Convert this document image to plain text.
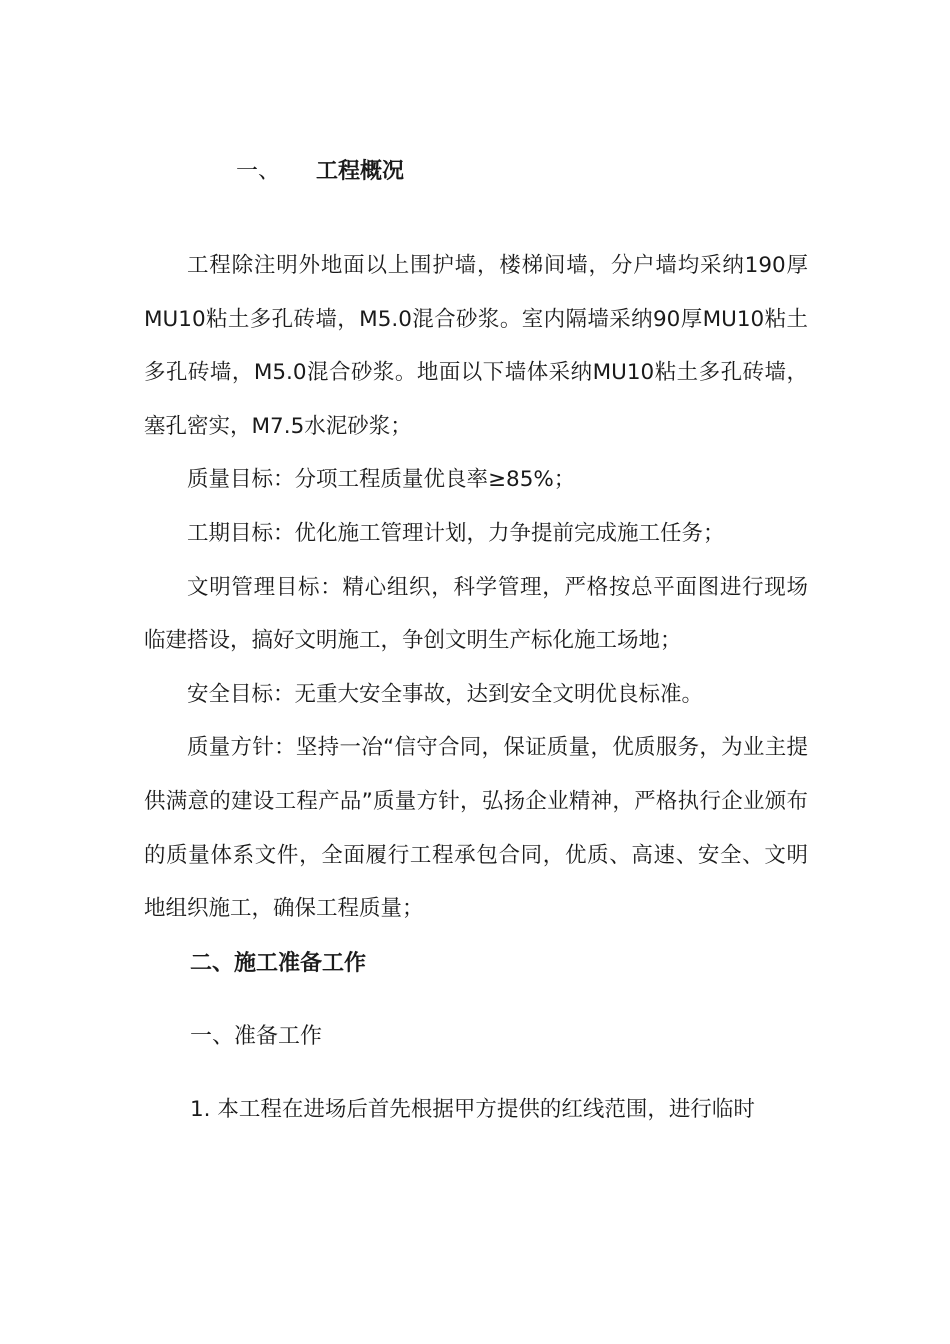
一、 工程概况

工程除注明外地面以上围护墙，楼梯间墙，分户墙均采纳190厚MU10粘土多孔砖墙，M5.0混合砂浆。室内隔墙采纳90厚MU10粘土多孔砖墙，M5.0混合砂浆。地面以下墙体采纳MU10粘土多孔砖墙，塞孔密实，M7.5水泥砂浆；

质量目标：分项工程质量优良率≥85%；

工期目标：优化施工管理计划，力争提前完成施工任务；

文明管理目标：精心组织，科学管理，严格按总平面图进行现场临建搭设，搞好文明施工，争创文明生产标化施工场地；

安全目标：无重大安全事故，达到安全文明优良标准。

质量方针：坚持一冶“信守合同，保证质量，优质服务，为业主提供满意的建设工程产品”质量方针，弘扬企业精神，严格执行企业颁布的质量体系文件，全面履行工程承包合同，优质、高速、安全、文明地组织施工，确保工程质量；

二、施工准备工作
一、准备工作
1. 本工程在进场后首先根据甲方提供的红线范围，进行临时
